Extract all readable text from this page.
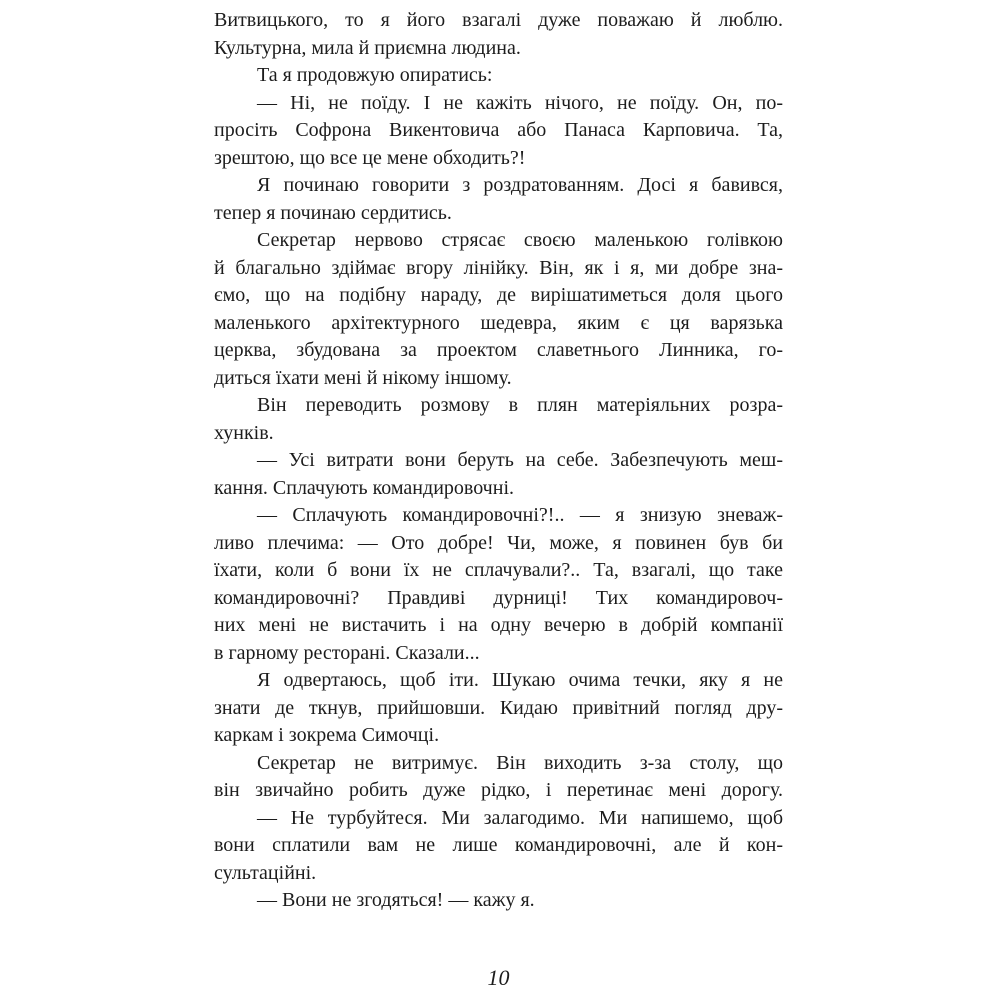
Витвицького, то я його взагалі дуже поважаю й люблю.
Культурна, мила й приємна людина.
Та я продовжую опиратись:
— Ні, не поїду. І не кажіть нічого, не поїду. Он, по-
просіть Софрона Викентовича або Панаса Карповича. Та,
зрештою, що все це мене обходить?!
Я починаю говорити з роздратованням. Досі я бавився,
тепер я починаю сердитись.
Секретар нервово стрясає своєю маленькою голівкою
й благально здіймає вгору лінійку. Він, як і я, ми добре зна-
ємо, що на подібну нараду, де вирішатиметься доля цього
маленького архітектурного шедевра, яким є ця варязька
церква, збудована за проектом славетнього Линника, го-
диться їхати мені й нікому іншому.
Він переводить розмову в плян матеріяльних розра-
хунків.
— Усі витрати вони беруть на себе. Забезпечують меш-
кання. Сплачують командировочні.
— Сплачують командировочні?!.. — я знизую зневаж-
ливо плечима: — Ото добре! Чи, може, я повинен був би
їхати, коли б вони їх не сплачували?.. Та, взагалі, що таке
командировочні? Правдиві дурниці! Тих командировоч-
них мені не вистачить і на одну вечерю в добрій компанії
в гарному ресторані. Сказали...
Я одвертаюсь, щоб іти. Шукаю очима течки, яку я не
знати де ткнув, прийшовши. Кидаю привітний погляд дру-
каркам і зокрема Симочці.
Секретар не витримує. Він виходить з-за столу, що
він звичайно робить дуже рідко, і перетинає мені дорогу.
— Не турбуйтеся. Ми залагодимо. Ми напишемо, щоб
вони сплатили вам не лише командировочні, але й кон-
сультаційні.
— Вони не згодяться! — кажу я.
10
